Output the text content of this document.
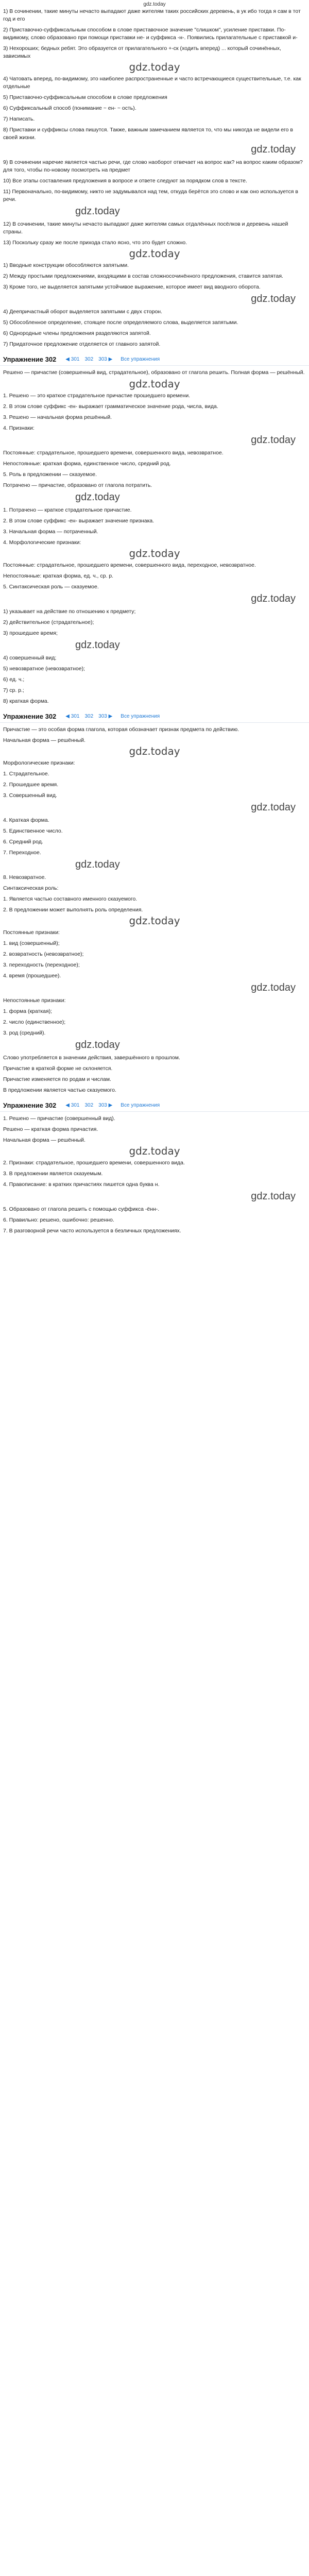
gdz.today
1) В сочинении, такие минуты нечасто выпадают даже жителям таких российских деревень, в ук ибо тогда я сам в тот год и его
2) Приставочно-суффиксальным способом в слове приставочное значение "слишком", усиление приставки. По-видимому, слово образовано при помощи приставки не- и суффикса -н-. Появились прилагательные с приставкой и-
3) Нехороших; бедных ребят. Это образуется от прилагательного +-ск (ходить вперед) ... который сочинённых, зависимых
gdz.today
4) Чатовать вперед, по-видимому, это наиболее распространенные и часто встречающиеся существительные, т.е. как отдельные
5) Приставочно-суффиксальным способом в слове предложения
6) Суффиксальный способ (понимание ~ ен- ~ ость).
7) Написать.
8) Приставки и суффиксы слова пишутся. Также, важным замечанием является то, что мы никогда не видели его в своей жизни.
gdz.today
9) В сочинении наречие является частью речи, где слово наоборот отвечает на вопрос как? на вопрос каким образом? для того, чтобы по-новому посмотреть на предмет
10) Все этапы составления предложения в вопросе и ответе следуют за порядком слов в тексте.
11) Первоначально, по-видимому, никто не задумывался над тем, откуда берётся это слово и как оно используется в речи.
gdz.today
12) В сочинении, такие минуты нечасто выпадают даже жителям самых отдалённых посёлков и деревень нашей страны.
13) Поскольку сразу же после прихода стало ясно, что это будет сложно.
gdz.today
1) Вводные конструкции обособляются запятыми.
2) Между простыми предложениями, входящими в состав сложносочинённого предложения, ставится запятая.
3) Кроме того, не выделяется запятыми устойчивое выражение, которое имеет вид вводного оборота.
gdz.today
4) Деепричастный оборот выделяется запятыми с двух сторон.
5) Обособленное определение, стоящее после определяемого слова, выделяется запятыми.
6) Однородные члены предложения разделяются запятой.
7) Придаточное предложение отделяется от главного запятой.
Упражнение 302 ◀ 301 302 303 ▶ Все упражнения
Решено — причастие (совершенный вид, страдательное), образовано от глагола решить. Полная форма — решённый.
gdz.today
1. Решено — это краткое страдательное причастие прошедшего времени.
2. В этом слове суффикс -ен- выражает грамматическое значение рода, числа, вида.
3. Решено — начальная форма решённый.
4. Признаки:
gdz.today
Постоянные: страдательное, прошедшего времени, совершенного вида, невозвратное.
Непостоянные: краткая форма, единственное число, средний род.
5. Роль в предложении — сказуемое.
Потрачено — причастие, образовано от глагола потратить.
gdz.today
1. Потрачено — краткое страдательное причастие.
2. В этом слове суффикс -ен- выражает значение признака.
3. Начальная форма — потраченный.
4. Морфологические признаки:
gdz.today
Постоянные: страдательное, прошедшего времени, совершенного вида, переходное, невозвратное.
Непостоянные: краткая форма, ед. ч., ср. р.
5. Синтаксическая роль — сказуемое.
gdz.today
1) указывает на действие по отношению к предмету;
2) действительное (страдательное);
3) прошедшее время;
gdz.today
4) совершенный вид;
5) невозвратное (невозвратное);
6) ед. ч.;
7) ср. р.;
8) краткая форма.
Упражнение 302 ◀ 301 302 303 ▶ Все упражнения
Причастие — это особая форма глагола, которая обозначает признак предмета по действию.
Начальная форма — решённый.
gdz.today
Морфологические признаки:
1. Страдательное.
2. Прошедшее время.
3. Совершенный вид.
gdz.today
4. Краткая форма.
5. Единственное число.
6. Средний род.
7. Переходное.
gdz.today
8. Невозвратное.
Синтаксическая роль:
1. Является частью составного именного сказуемого.
2. В предложении может выполнять роль определения.
gdz.today
Постоянные признаки:
1. вид (совершенный);
2. возвратность (невозвратное);
3. переходность (переходное);
4. время (прошедшее).
gdz.today
Непостоянные признаки:
1. форма (краткая);
2. число (единственное);
3. род (средний).
gdz.today
Слово употребляется в значении действия, завершённого в прошлом.
Причастие в краткой форме не склоняется.
Причастие изменяется по родам и числам.
В предложении является частью сказуемого.
Упражнение 302 ◀ 301 302 303 ▶ Все упражнения
1. Решено — причастие (совершенный вид).
Решено — краткая форма причастия.
Начальная форма — решённый.
gdz.today
2. Признаки: страдательное, прошедшего времени, совершенного вида.
3. В предложении является сказуемым.
4. Правописание: в кратких причастиях пишется одна буква н.
gdz.today
5. Образовано от глагола решить с помощью суффикса -ённ-.
6. Правильно: решено, ошибочно: решенно.
7. В разговорной речи часто используется в безличных предложениях.
